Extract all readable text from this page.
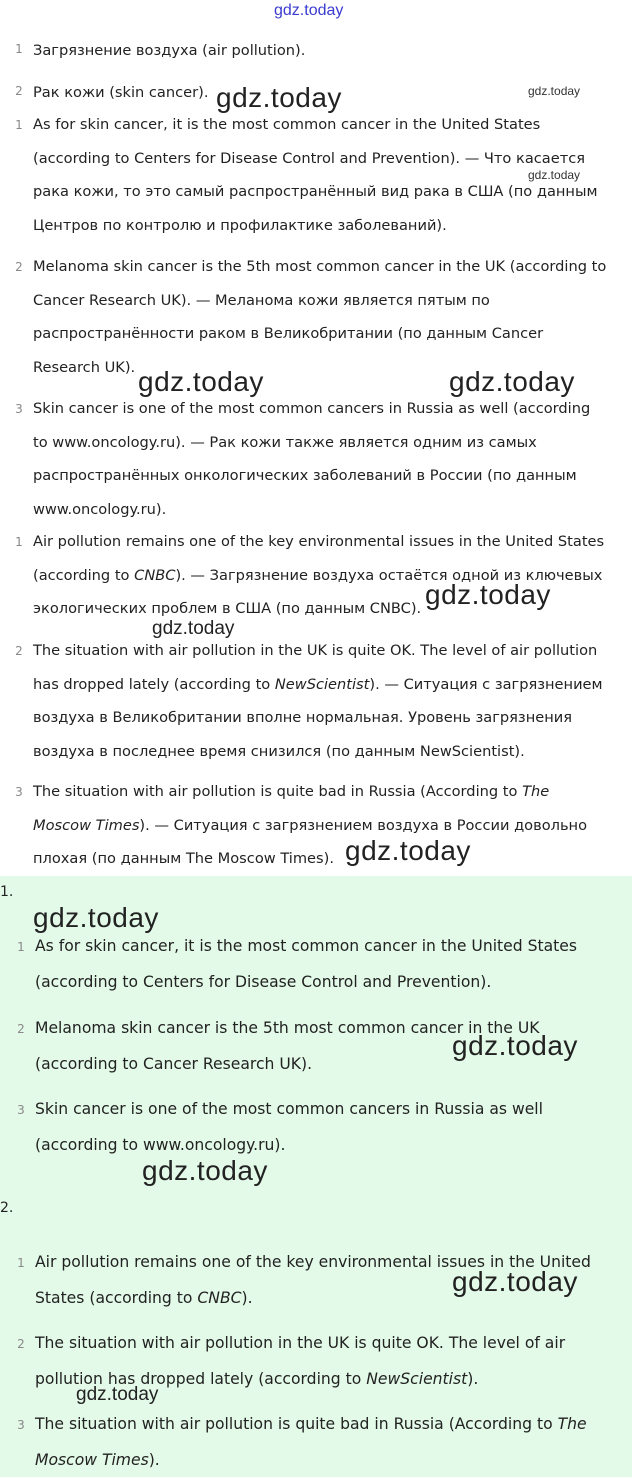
gdz.today
1 Загрязнение воздуха (air pollution).
2 Рак кожи (skin cancer). gdz.today	gdz.today
1 As for skin cancer, it is the most common cancer in the United States
(according to Centers for Disease Control and Prevention). — Что касается
рака кожи, то это самый распространённый вид рака в США (по данным
Центров по контролю и профилактике заболеваний).
gdz.today
2 Melanoma skin cancer is the 5th most common cancer in the UK (according to
Cancer Research UK). — Меланома кожи является пятым по
распространённости раком в Великобритании (по данным Cancer
Research UK). gdz.today	gdz.today
3 Skin cancer is one of the most common cancers in Russia as well (according
to www.oncology.ru). — Рак кожи также является одним из самых
распространённых онкологических заболеваний в России (по данным
www.oncology.ru).
1 Air pollution remains one of the key environmental issues in the United States
(according to CNBC). — Загрязнение воздуха остаётся одной из ключевых
экологических проблем в США (по данным CNBC). gdz.today
gdz.today
2 The situation with air pollution in the UK is quite OK. The level of air pollution
has dropped lately (according to NewScientist). — Ситуация с загрязнением
воздуха в Великобритании вполне нормальная. Уровень загрязнения
воздуха в последнее время снизился (по данным NewScientist).
3 The situation with air pollution is quite bad in Russia (According to The
Moscow Times). — Ситуация с загрязнением воздуха в России довольно
плохая (по данным The Moscow Times). gdz.today
1.
gdz.today
1 As for skin cancer, it is the most common cancer in the United States
(according to Centers for Disease Control and Prevention).
2 Melanoma skin cancer is the 5th most common cancer in the UK
(according to Cancer Research UK).
gdz.today
3 Skin cancer is one of the most common cancers in Russia as well
(according to www.oncology.ru).
gdz.today
2.
1 Air pollution remains one of the key environmental issues in the United
States (according to CNBC).
gdz.today
2 The situation with air pollution in the UK is quite OK. The level of air
pollution has dropped lately (according to NewScientist).
gdz.today
3 The situation with air pollution is quite bad in Russia (According to The
Moscow Times).
